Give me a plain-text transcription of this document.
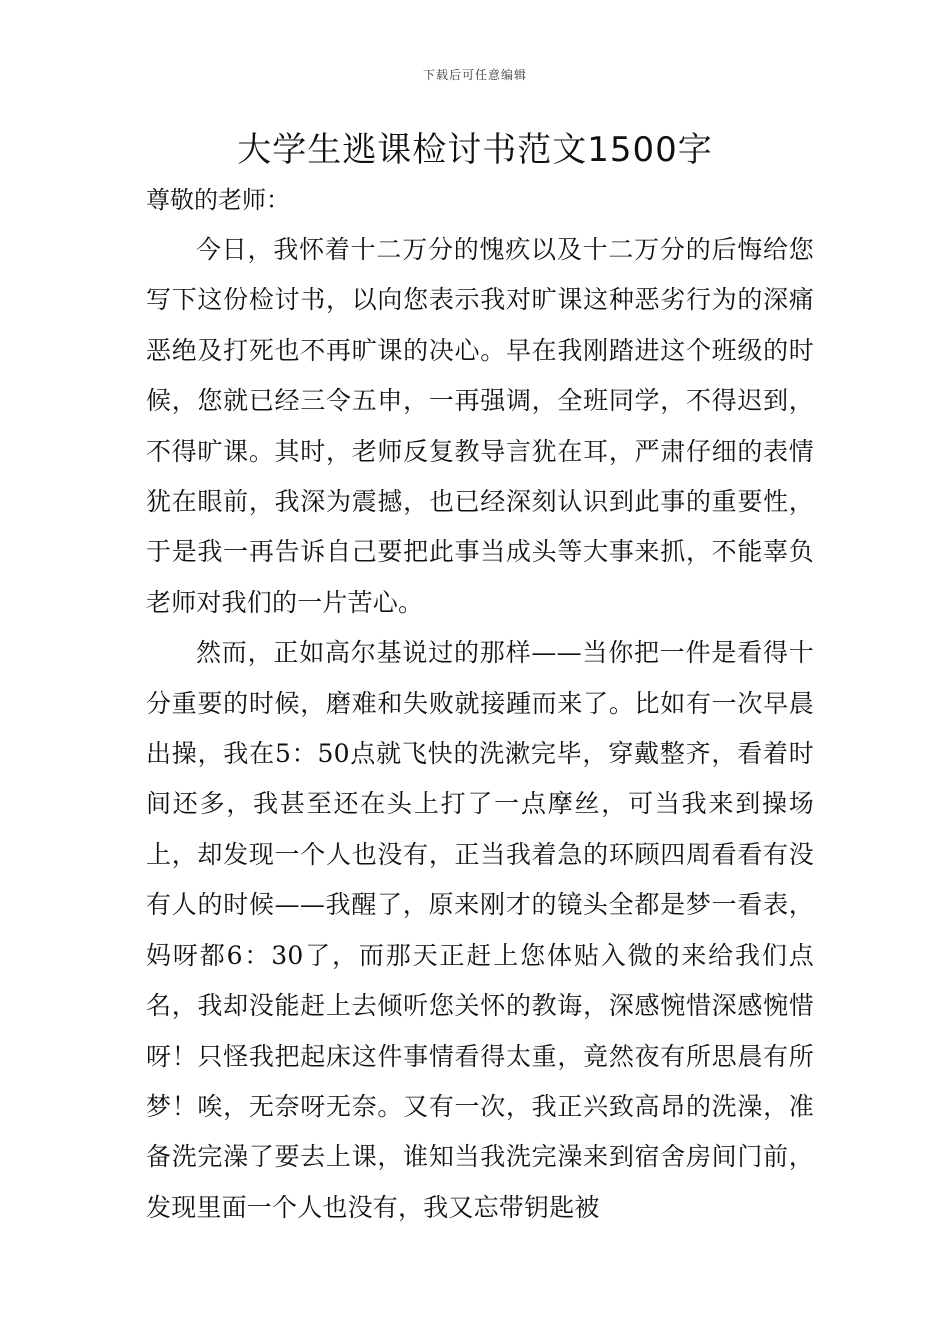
下载后可任意编辑
大学生逃课检讨书范文1500字

尊敬的老师：

今日，我怀着十二万分的愧疚以及十二万分的后悔给您写下这份检讨书，以向您表示我对旷课这种恶劣行为的深痛恶绝及打死也不再旷课的决心。早在我刚踏进这个班级的时候，您就已经三令五申，一再强调，全班同学，不得迟到，不得旷课。其时，老师反复教导言犹在耳，严肃仔细的表情犹在眼前，我深为震撼，也已经深刻认识到此事的重要性，于是我一再告诉自己要把此事当成头等大事来抓，不能辜负老师对我们的一片苦心。

然而，正如高尔基说过的那样——当你把一件是看得十分重要的时候，磨难和失败就接踵而来了。比如有一次早晨出操，我在5：50点就飞快的洗漱完毕，穿戴整齐，看着时间还多，我甚至还在头上打了一点摩丝，可当我来到操场上，却发现一个人也没有，正当我着急的环顾四周看看有没有人的时候——我醒了，原来刚才的镜头全都是梦一看表，妈呀都6：30了，而那天正赶上您体贴入微的来给我们点名，我却没能赶上去倾听您关怀的教诲，深感惋惜深感惋惜呀！只怪我把起床这件事情看得太重，竟然夜有所思晨有所梦！唉，无奈呀无奈。又有一次，我正兴致高昂的洗澡，准备洗完澡了要去上课，谁知当我洗完澡来到宿舍房间门前，发现里面一个人也没有，我又忘带钥匙被
